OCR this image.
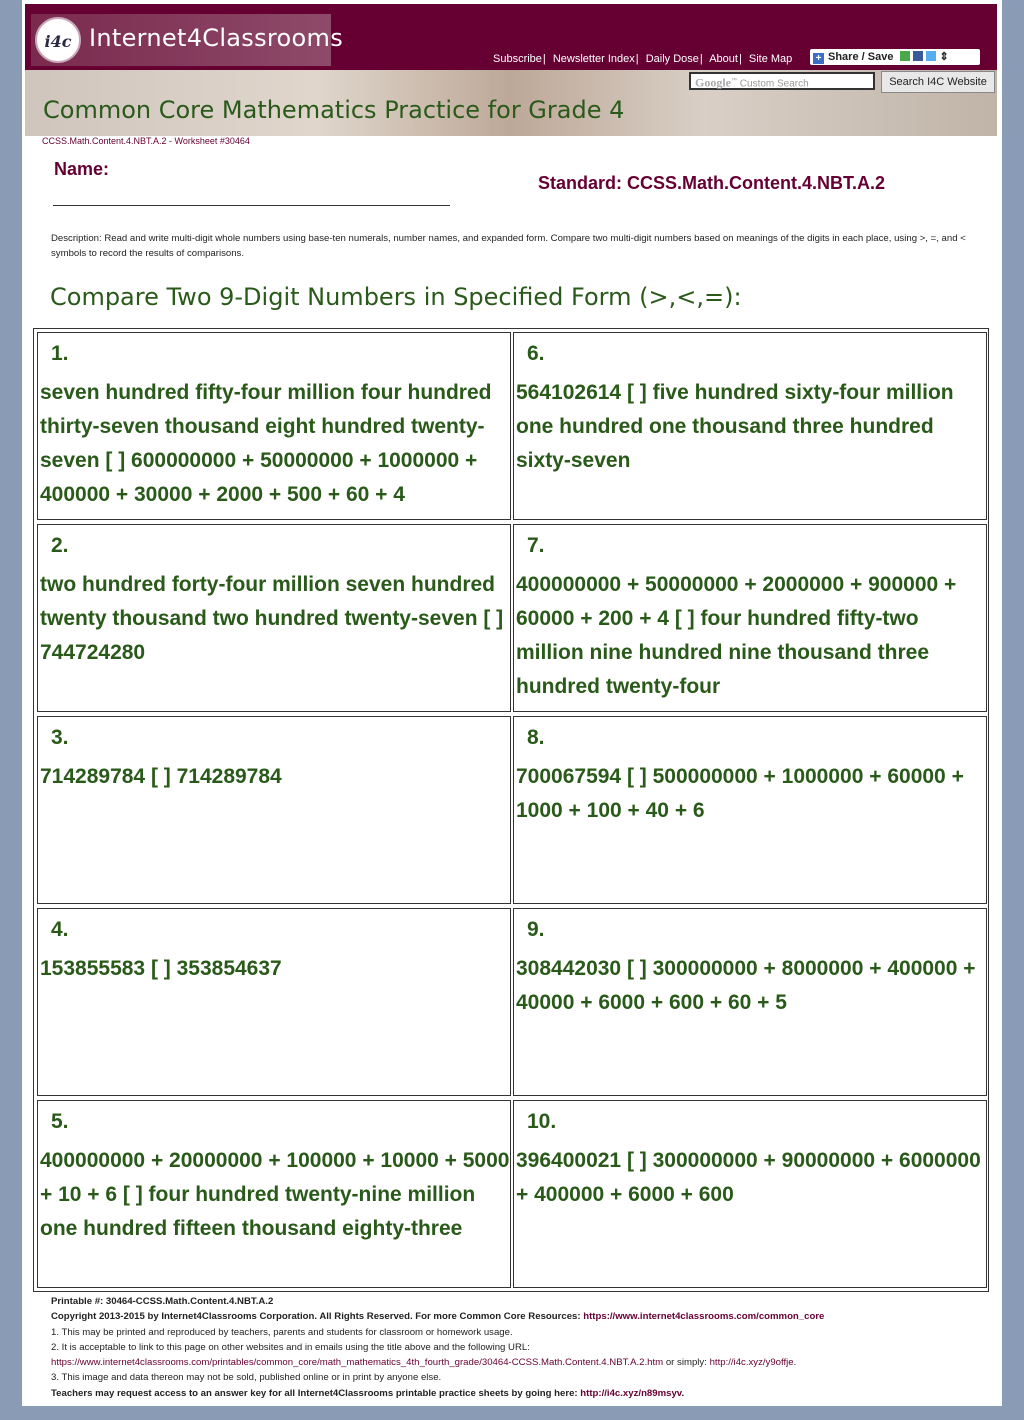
i4c Internet4Classrooms
Subscribe| Newsletter Index| Daily Dose| About| Site Map	+ Share / Save	⇕
Google™ Custom Search	Search I4C Website
Common Core Mathematics Practice for Grade 4
CCSS.Math.Content.4.NBT.A.2 - Worksheet #30464
Name:
Standard: CCSS.Math.Content.4.NBT.A.2
Description: Read and write multi-digit whole numbers using base-ten numerals, number names, and expanded form. Compare two multi-digit numbers based on meanings of the digits in each place, using >, =, and < symbols to record the results of comparisons.
Compare Two 9-Digit Numbers in Specified Form (>,<,=):
1.
seven hundred fifty-four million four hundred thirty-seven thousand eight hundred twenty-seven [ ] 600000000 + 50000000 + 1000000 + 400000 + 30000 + 2000 + 500 + 60 + 4
2.
two hundred forty-four million seven hundred twenty thousand two hundred twenty-seven [ ] 744724280
3.
714289784 [ ] 714289784
4.
153855583 [ ] 353854637
5.
400000000 + 20000000 + 100000 + 10000 + 5000 + 10 + 6 [ ] four hundred twenty-nine million one hundred fifteen thousand eighty-three
6.
564102614 [ ] five hundred sixty-four million one hundred one thousand three hundred sixty-seven
7.
400000000 + 50000000 + 2000000 + 900000 + 60000 + 200 + 4 [ ] four hundred fifty-two million nine hundred nine thousand three hundred twenty-four
8.
700067594 [ ] 500000000 + 1000000 + 60000 + 1000 + 100 + 40 + 6
9.
308442030 [ ] 300000000 + 8000000 + 400000 + 40000 + 6000 + 600 + 60 + 5
10.
396400021 [ ] 300000000 + 90000000 + 6000000 + 400000 + 6000 + 600
Printable #: 30464-CCSS.Math.Content.4.NBT.A.2
Copyright 2013-2015 by Internet4Classrooms Corporation. All Rights Reserved. For more Common Core Resources: https://www.internet4classrooms.com/common_core
1. This may be printed and reproduced by teachers, parents and students for classroom or homework usage.
2. It is acceptable to link to this page on other websites and in emails using the title above and the following URL:
https://www.internet4classrooms.com/printables/common_core/math_mathematics_4th_fourth_grade/30464-CCSS.Math.Content.4.NBT.A.2.htm or simply: http://i4c.xyz/y9offje.
3. This image and data thereon may not be sold, published online or in print by anyone else.
Teachers may request access to an answer key for all Internet4Classrooms printable practice sheets by going here: http://i4c.xyz/n89msyv.
